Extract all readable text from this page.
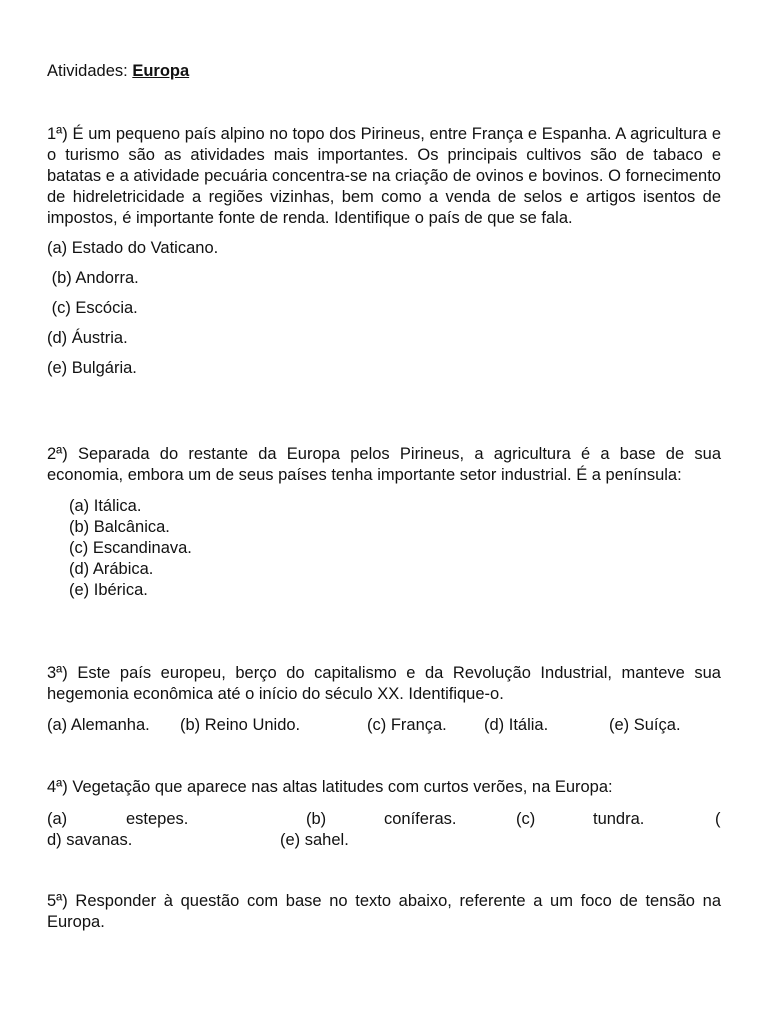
Atividades: Europa

1ª) É um pequeno país alpino no topo dos Pirineus, entre França e Espanha. A agricultura e o turismo são as atividades mais importantes. Os principais cultivos são de tabaco e batatas e a atividade pecuária concentra-se na criação de ovinos e bovinos. O fornecimento de hidreletricidade a regiões vizinhas, bem como a venda de selos e artigos isentos de impostos, é importante fonte de renda. Identifique o país de que se fala.

(a) Estado do Vaticano.

(b) Andorra.

(c) Escócia.

(d) Áustria.

(e) Bulgária.

2ª) Separada do restante da Europa pelos Pirineus, a agricultura é a base de sua economia, embora um de seus países tenha importante setor industrial. É a península:

(a) Itálica.

(b) Balcânica.

(c) Escandinava.

(d) Arábica.

(e) Ibérica.

3ª) Este país europeu, berço do capitalismo e da Revolução Industrial, manteve sua hegemonia econômica até o início do século XX. Identifique-o.

(a) Alemanha. (b) Reino Unido.	(c) França. (d) Itália.	(e) Suíça.

4ª) Vegetação que aparece nas altas latitudes com curtos verões, na Europa:

(a)	estepes.	(b)	coníferas.	(c)	tundra.	(
d) savanas.	(e) sahel.

5ª) Responder à questão com base no texto abaixo, referente a um foco de tensão na Europa.
